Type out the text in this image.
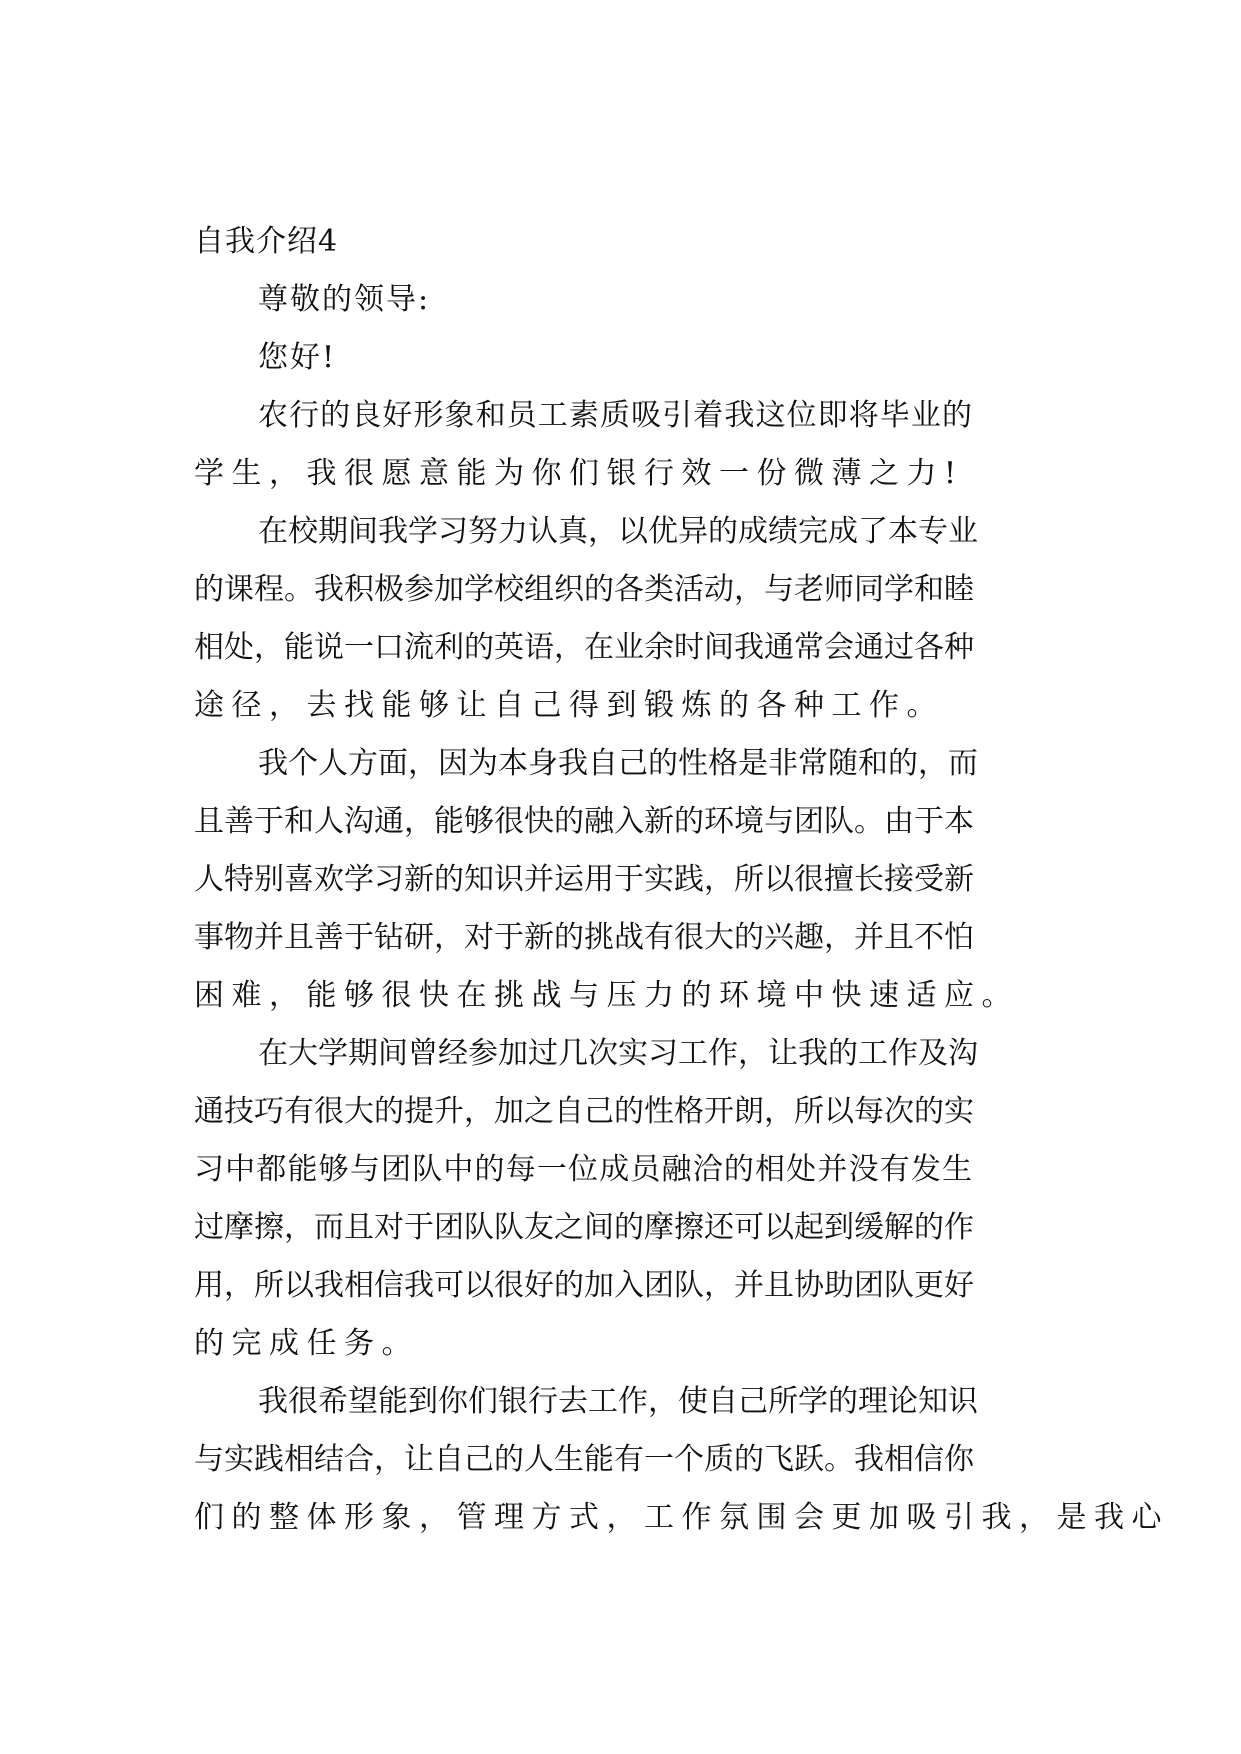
自我介绍4
尊敬的领导:
您好!
农行的良好形象和员工素质吸引着我这位即将毕业的
学生，我很愿意能为你们银行效一份微薄之力!
在校期间我学习努力认真，以优异的成绩完成了本专业
的课程。我积极参加学校组织的各类活动，与老师同学和睦
相处，能说一口流利的英语，在业余时间我通常会通过各种
途径，去找能够让自己得到锻炼的各种工作。
我个人方面，因为本身我自己的性格是非常随和的，而
且善于和人沟通，能够很快的融入新的环境与团队。由于本
人特别喜欢学习新的知识并运用于实践，所以很擅长接受新
事物并且善于钻研，对于新的挑战有很大的兴趣，并且不怕
困难，能够很快在挑战与压力的环境中快速适应。
在大学期间曾经参加过几次实习工作，让我的工作及沟
通技巧有很大的提升，加之自己的性格开朗，所以每次的实
习中都能够与团队中的每一位成员融洽的相处并没有发生
过摩擦，而且对于团队队友之间的摩擦还可以起到缓解的作
用，所以我相信我可以很好的加入团队，并且协助团队更好
的完成任务。
我很希望能到你们银行去工作，使自己所学的理论知识
与实践相结合，让自己的人生能有一个质的飞跃。我相信你
们的整体形象，管理方式，工作氛围会更加吸引我，是我心
